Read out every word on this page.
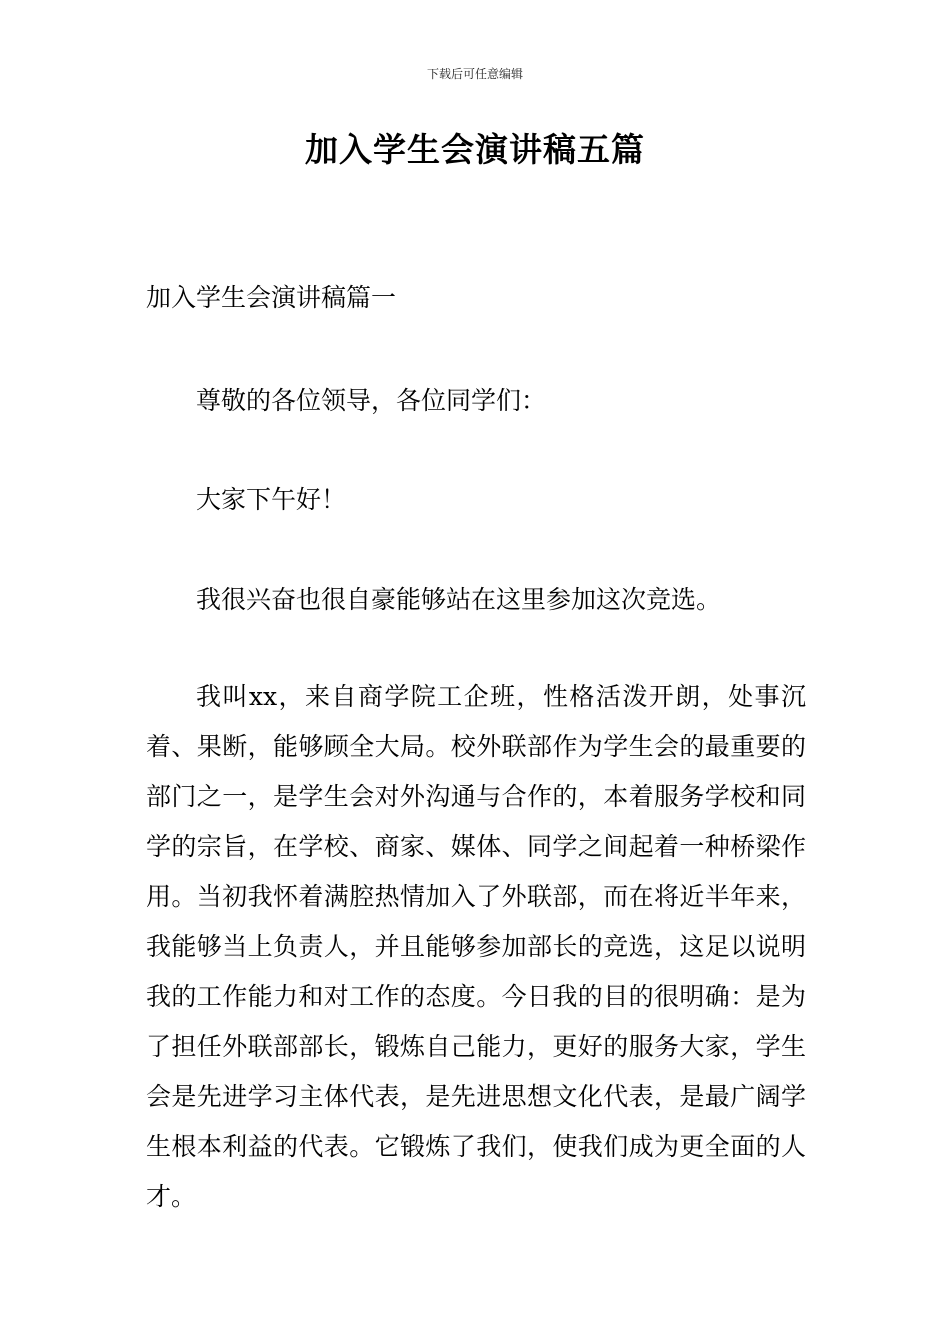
下载后可任意编辑
加入学生会演讲稿五篇
加入学生会演讲稿篇一
尊敬的各位领导，各位同学们：
大家下午好！
我很兴奋也很自豪能够站在这里参加这次竞选。
我叫xx，来自商学院工企班，性格活泼开朗，处事沉着、果断，能够顾全大局。校外联部作为学生会的最重要的部门之一，是学生会对外沟通与合作的，本着服务学校和同学的宗旨，在学校、商家、媒体、同学之间起着一种桥梁作用。当初我怀着满腔热情加入了外联部，而在将近半年来，我能够当上负责人，并且能够参加部长的竞选，这足以说明我的工作能力和对工作的态度。今日我的目的很明确：是为了担任外联部部长，锻炼自己能力，更好的服务大家，学生会是先进学习主体代表，是先进思想文化代表，是最广阔学生根本利益的代表。它锻炼了我们，使我们成为更全面的人才。
